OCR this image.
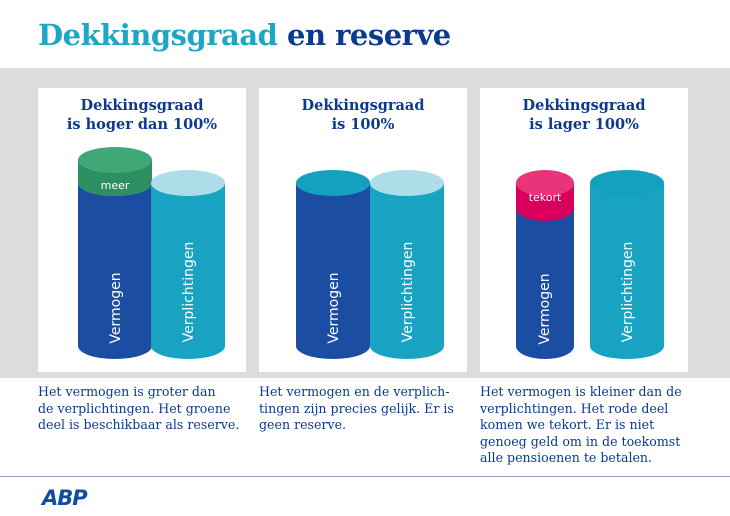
Dekkingsgraad en reserve
Dekkingsgraad
is hoger dan 100%
meer
Vermogen	Verplichtingen
Dekkingsgraad
is 100%
Vermogen	Verplichtingen
Dekkingsgraad
is lager 100%
tekort
Vermogen	Verplichtingen
Het vermogen is groter dan
de verplichtingen. Het groene
deel is beschikbaar als reserve.
Het vermogen en de verplich-
tingen zijn precies gelijk. Er is
geen reserve.
Het vermogen is kleiner dan de
verplichtingen. Het rode deel
komen we tekort. Er is niet
genoeg geld om in de toekomst
alle pensioenen te betalen.
ABP
